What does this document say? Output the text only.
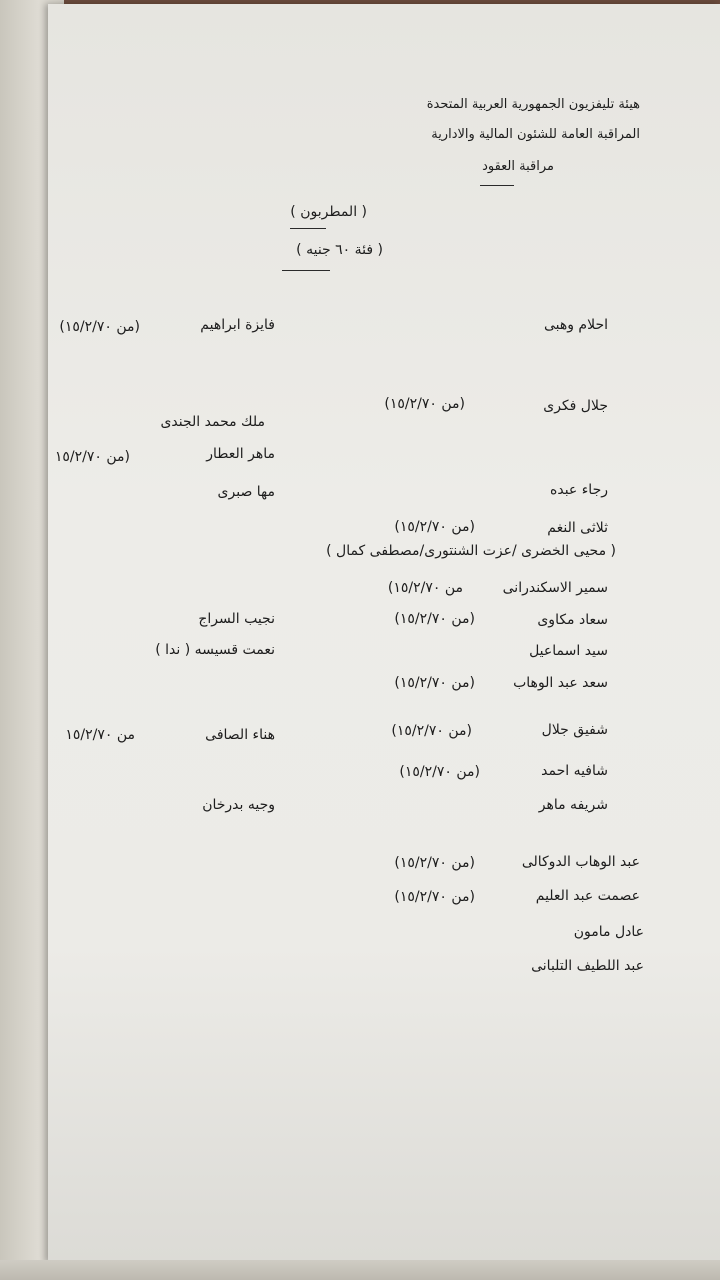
هيئة تليفزيون الجمهورية العربية المتحدة
المراقبة العامة للشئون المالية والادارية
مراقبة العقود
( المطربون )
( فئة ٦٠ جنيه )
احلام وهبى
جلال فكرى
(من ١٥/٢/٧٠)
رجاء عبده
ثلاثى النغم
(من ١٥/٢/٧٠)
( محيى الخضرى /عزت الشنتورى/مصطفى كمال )
سمير الاسكندرانى
من ١٥/٢/٧٠)
سعاد مكاوى
(من ١٥/٢/٧٠)
سيد اسماعيل
سعد عبد الوهاب
(من ١٥/٢/٧٠)
شفيق جلال
(من ١٥/٢/٧٠)
شافيه احمد
(من ١٥/٢/٧٠)
شريفه ماهر
عبد الوهاب الدوكالى
(من ١٥/٢/٧٠)
عصمت عبد العليم
(من ١٥/٢/٧٠)
عادل مامون
عبد اللطيف التلبانى
فايزة ابراهيم
(من ١٥/٢/٧٠)
ملك محمد الجندى
ماهر العطار
(من ١٥/٢/٧٠
مها صبرى
نجيب السراج
نعمت قسيسه ( ندا )
هناء الصافى
من ١٥/٢/٧٠
وجيه بدرخان
